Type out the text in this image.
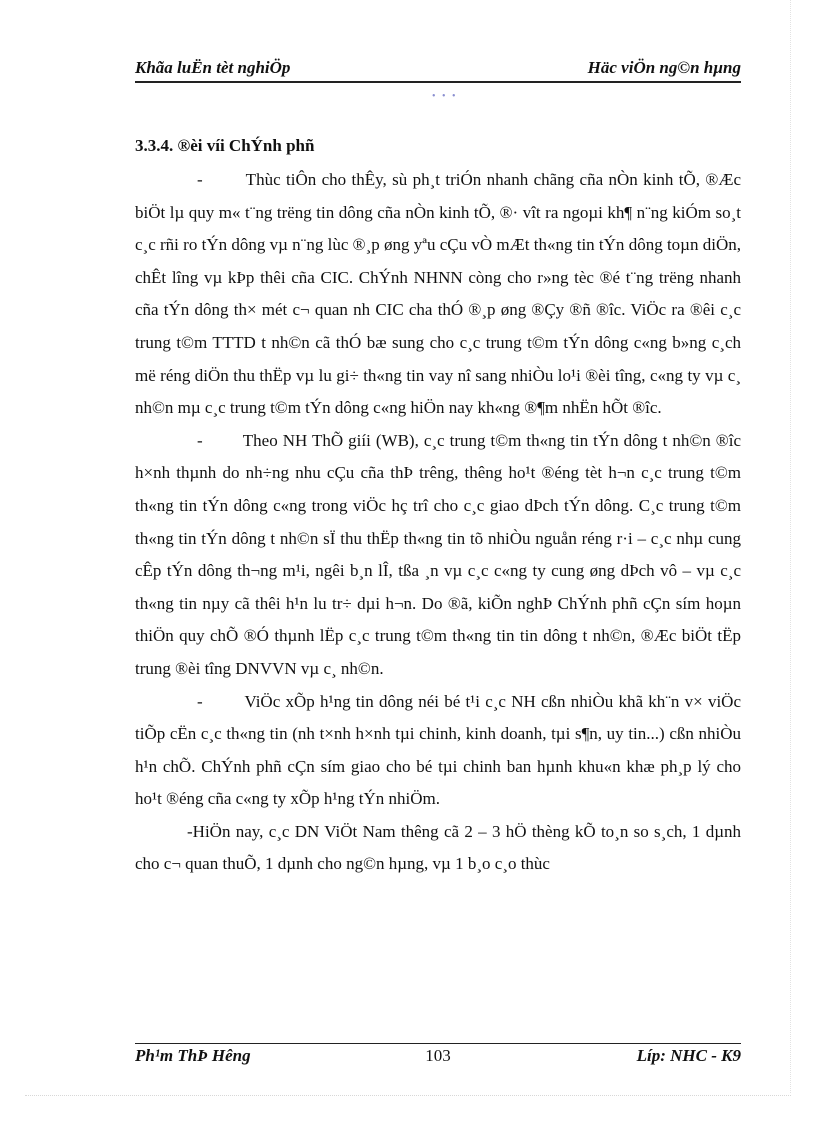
Khãa luËn tèt nghiÖp	Häc viÖn ng©n hµng
• • •
3.3.4. ®èi víi ChÝnh phñ

-        Thùc tiÔn cho thÊy, sù ph¸t triÓn nhanh chãng cña nÒn kinh tÕ, ®Æc biÖt lµ quy m« t¨ng trëng tin dông cña nÒn kinh tÕ, ®· vît ra ngoµi kh¶ n¨ng kiÓm so¸t c¸c rñi ro tÝn dông vµ n¨ng lùc ®¸p øng yªu cÇu vÒ mÆt th«ng tin tÝn dông toµn diÖn, chÊt lîng vµ kÞp thêi cña CIC. ChÝnh NHNN còng cho r»ng tèc ®é t¨ng trëng nhanh cña tÝn dông th× mét c¬ quan nh CIC cha thÓ ®¸p øng ®Çy ®ñ ®îc. ViÖc ra ®êi c¸c trung t©m TTTD t nh©n cã thÓ bæ sung cho c¸c trung t©m tÝn dông c«ng b»ng c¸ch më réng diÖn thu thËp vµ lu gi÷ th«ng tin vay nî sang nhiÒu lo¹i ®èi tîng, c«ng ty vµ c¸ nh©n mµ c¸c trung t©m tÝn dông c«ng hiÖn nay kh«ng ®¶m nhËn hÕt ®îc.

-        Theo NH ThÕ giíi (WB), c¸c trung t©m th«ng tin tÝn dông t nh©n ®îc h×nh thµnh do nh÷ng nhu cÇu cña thÞ trêng, thêng ho¹t ®éng tèt h¬n c¸c trung t©m th«ng tin tÝn dông c«ng trong viÖc hç trî cho c¸c giao dÞch tÝn dông. C¸c trung t©m th«ng tin tÝn dông t nh©n sÏ thu thËp th«ng tin tõ nhiÒu nguån réng r·i – c¸c nhµ cung cÊp tÝn dông th¬ng m¹i, ngêi b¸n lÎ, tßa ¸n vµ c¸c c«ng ty cung øng dÞch vô – vµ c¸c th«ng tin nµy cã thêi h¹n lu tr÷ dµi h¬n. Do ®ã, kiÕn nghÞ ChÝnh phñ cÇn sím hoµn thiÖn quy chÕ ®Ó thµnh lËp c¸c trung t©m th«ng tin tin dông t nh©n, ®Æc biÖt tËp trung ®èi tîng DNVVN vµ c¸ nh©n.

-        ViÖc xÕp h¹ng tin dông néi bé t¹i c¸c NH cßn nhiÒu khã kh¨n v× viÖc tiÕp cËn c¸c th«ng tin (nh t×nh h×nh tµi chinh, kinh doanh, tµi s¶n, uy tin...) cßn nhiÒu h¹n chÕ. ChÝnh phñ cÇn sím giao cho bé tµi chinh ban hµnh khu«n khæ ph¸p lý cho ho¹t ®éng cña c«ng ty xÕp h¹ng tÝn nhiÖm.

-HiÖn nay, c¸c DN ViÖt Nam thêng cã 2 – 3 hÖ thèng kÕ to¸n so s¸ch, 1 dµnh cho c¬ quan thuÕ, 1 dµnh cho ng©n hµng, vµ 1 b¸o c¸o thùc

Ph¹m ThÞ Hêng	103	Líp: NHC - K9
